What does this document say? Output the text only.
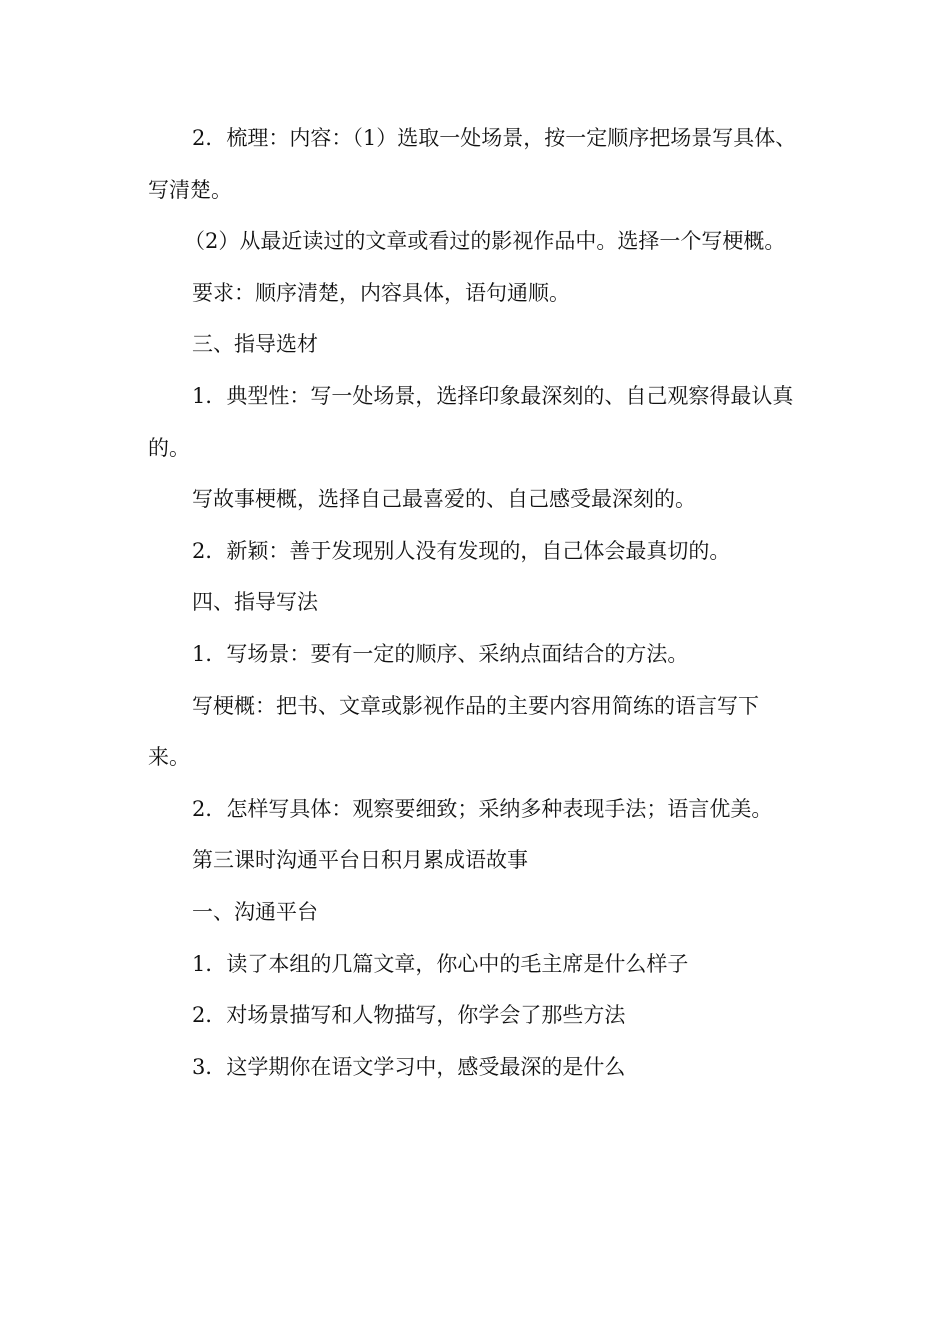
2．梳理：内容：（1）选取一处场景，按一定顺序把场景写具体、写清楚。

（2）从最近读过的文章或看过的影视作品中。选择一个写梗概。

要求：顺序清楚，内容具体，语句通顺。

三、指导选材

1．典型性：写一处场景，选择印象最深刻的、自己观察得最认真的。

写故事梗概，选择自己最喜爱的、自己感受最深刻的。

2．新颖：善于发现别人没有发现的，自己体会最真切的。

四、指导写法

1．写场景：要有一定的顺序、采纳点面结合的方法。

写梗概：把书、文章或影视作品的主要内容用简练的语言写下来。

2．怎样写具体：观察要细致；采纳多种表现手法；语言优美。

第三课时沟通平台日积月累成语故事

一、沟通平台

1．读了本组的几篇文章，你心中的毛主席是什么样子

2．对场景描写和人物描写，你学会了那些方法

3．这学期你在语文学习中，感受最深的是什么
